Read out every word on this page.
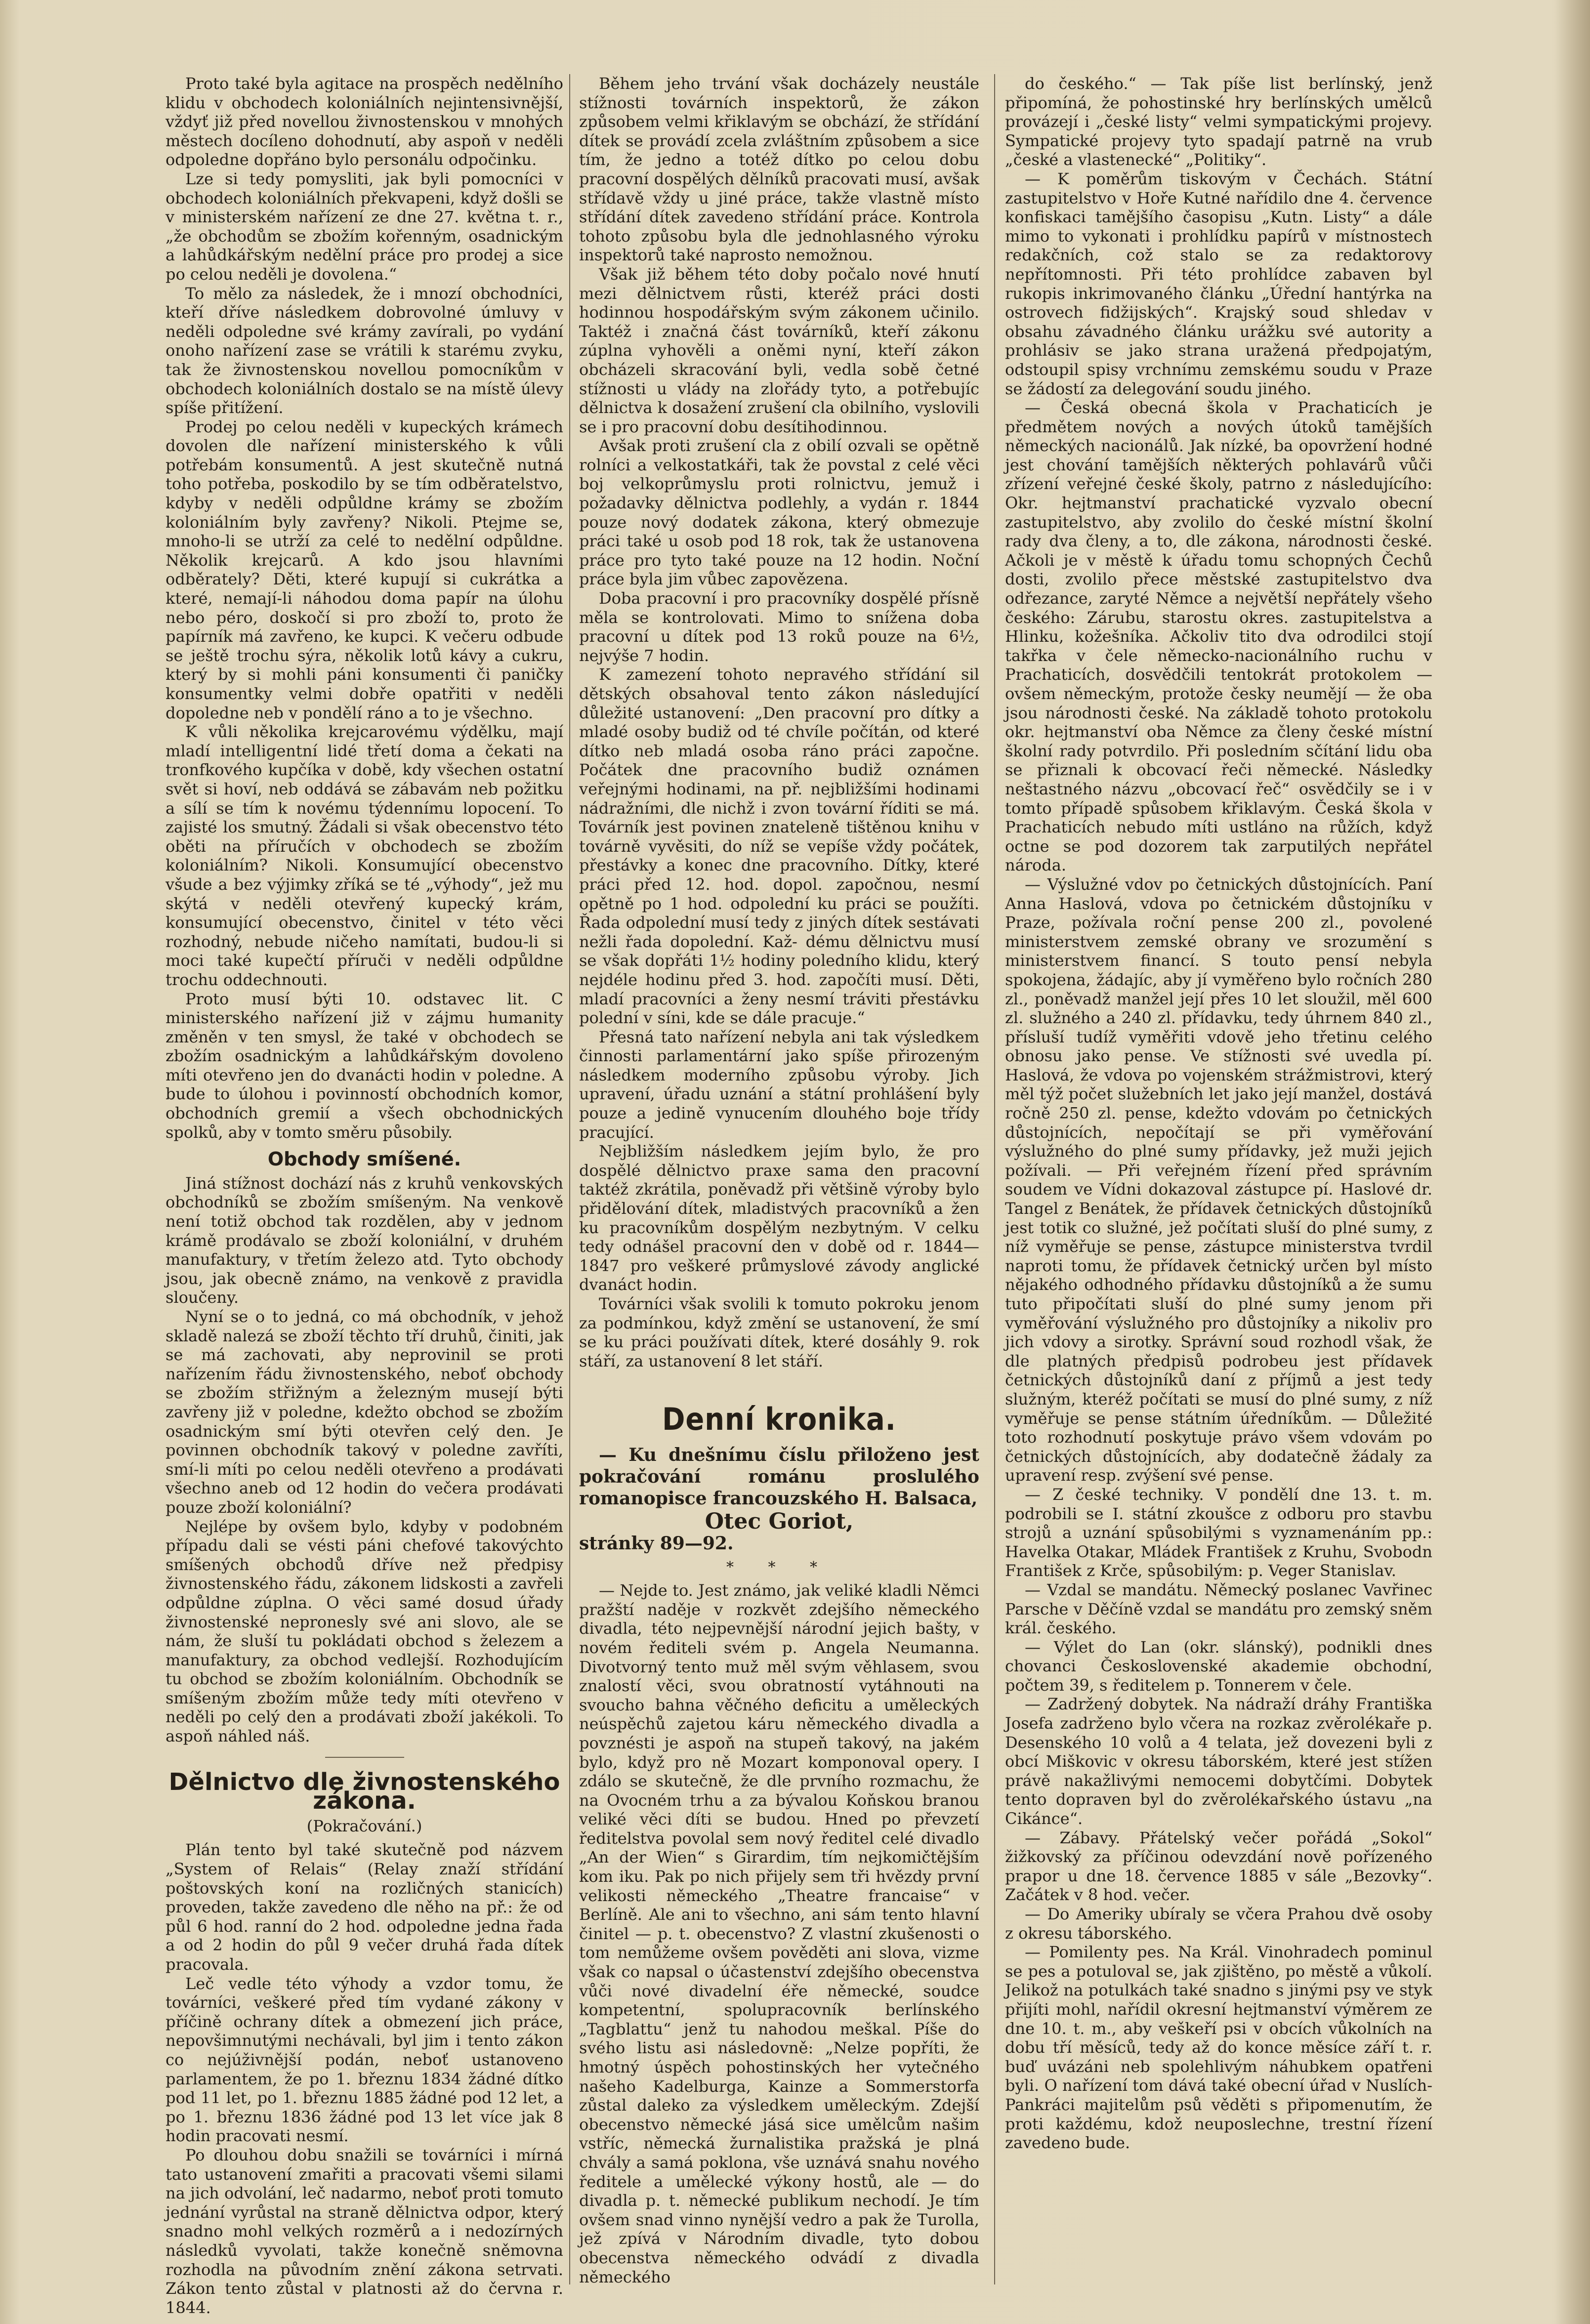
Proto také byla agitace na prospěch nedělního klidu v obchodech koloniálních nejintensivnější, vždyť již před novellou živnostenskou v mnohých městech docíleno dohodnutí, aby aspoň v neděli odpoledne dopřáno bylo personálu odpočinku.

Lze si tedy pomysliti, jak byli pomocníci v obchodech koloniálních překvapeni, když došli se v ministerském nařízení ze dne 27. května t. r., „že obchodům se zbožím kořenným, osadnickým a lahůdkářským nedělní práce pro prodej a sice po celou neděli je dovolena.“

To mělo za následek, že i mnozí obchodníci, kteří dříve následkem dobrovolné úmluvy v neděli odpoledne své krámy zavírali, po vydání onoho nařízení zase se vrátili k starému zvyku, tak že živnostenskou novellou pomocníkům v obchodech koloniálních dostalo se na místě úlevy spíše přitížení.

Prodej po celou neděli v kupeckých krámech dovolen dle nařízení ministerského k vůli potřebám konsumentů. A jest skutečně nutná toho potřeba, poskodilo by se tím odběratelstvo, kdyby v neděli odpůldne krámy se zbožím koloniálním byly zavřeny? Nikoli. Ptejme se, mnoho-li se utrží za celé to nedělní odpůldne. Několik krejcarů. A kdo jsou hlavními odběrately? Děti, které kupují si cukrátka a které, nemají-li náhodou doma papír na úlohu nebo péro, doskočí si pro zboží to, proto že papírník má zavřeno, ke kupci. K večeru odbude se ještě trochu sýra, několik lotů kávy a cukru, který by si mohli páni konsumenti či paničky konsumentky velmi dobře opatřiti v neděli dopoledne neb v pondělí ráno a to je všechno.

K vůli několika krejcarovému výdělku, mají mladí intelligentní lidé třetí doma a čekati na tronfkového kupčíka v době, kdy všechen ostatní svět si hoví, neb oddává se zábavám neb požitku a sílí se tím k novému týdennímu lopocení. To zajisté los smutný. Žádali si však obecenstvo této oběti na příručích v obchodech se zbožím koloniálním? Nikoli. Konsumující obecenstvo všude a bez výjimky zříká se té „výhody“, jež mu skýtá v neděli otevřený kupecký krám, konsumující obecenstvo, činitel v této věci rozhodný, nebude ničeho namítati, budou-li si moci také kupečtí příruči v neděli odpůldne trochu oddechnouti.

Proto musí býti 10. odstavec lit. C ministerského nařízení již v zájmu humanity změněn v ten smysl, že také v obchodech se zbožím osadnickým a lahůdkářským dovoleno míti otevřeno jen do dvanácti hodin v poledne. A bude to úlohou i povinností obchodních komor, obchodních gremií a všech obchodnických spolků, aby v tomto směru působily.

Obchody smíšené.

Jiná stížnost dochází nás z kruhů venkovských obchodníků se zbožím smíšeným. Na venkově není totiž obchod tak rozdělen, aby v jednom krámě prodávalo se zboží koloniální, v druhém manufaktury, v třetím železo atd. Tyto obchody jsou, jak obecně známo, na venkově z pravidla sloučeny.

Nyní se o to jedná, co má obchodník, v jehož skladě nalezá se zboží těchto tří druhů, činiti, jak se má zachovati, aby neprovinil se proti nařízením řádu živnostenského, neboť obchody se zbožím střižným a železným musejí býti zavřeny již v poledne, kdežto obchod se zbožím osadnickým smí býti otevřen celý den. Je povinnen obchodník takový v poledne zavříti, smí-li míti po celou neděli otevřeno a prodávati všechno aneb od 12 hodin do večera prodávati pouze zboží koloniální?

Nejlépe by ovšem bylo, kdyby v podobném případu dali se vésti páni chefové takovýchto smíšených obchodů dříve než předpisy živnostenského řádu, zákonem lidskosti a zavřeli odpůldne zúplna. O věci samé dosud úřady živnostenské nepronesly své ani slovo, ale se nám, že sluší tu pokládati obchod s železem a manufaktury, za obchod vedlejší. Rozhodujícím tu obchod se zbožím koloniálním. Obchodník se smíšeným zbožím může tedy míti otevřeno v neděli po celý den a prodávati zboží jakékoli. To aspoň náhled náš.

Dělnictvo dle živnostenského zákona.

(Pokračování.)

Plán tento byl také skutečně pod názvem „System of Relais“ (Relay znaží střídání poštovských koní na rozličných stanicích) proveden, takže zavedeno dle něho na př.: že od půl 6 hod. ranní do 2 hod. odpoledne jedna řada a od 2 hodin do půl 9 večer druhá řada dítek pracovala.

Leč vedle této výhody a vzdor tomu, že továrníci, veškeré před tím vydané zákony v příčině ochrany dítek a obmezení jich práce, nepovšimnutými nechávali, byl jim i tento zákon co nejúživnější podán, neboť ustanoveno parlamentem, že po 1. březnu 1834 žádné dítko pod 11 let, po 1. březnu 1885 žádné pod 12 let, a po 1. březnu 1836 žádné pod 13 let více jak 8 hodin pracovati nesmí.

Po dlouhou dobu snažili se továrníci i mírná tato ustanovení zmařiti a pracovati všemi silami na jich odvolání, leč nadarmo, neboť proti tomuto jednání vyrůstal na straně dělnictva odpor, který snadno mohl velkých rozměrů a i nedozírných následků vyvolati, takže konečně sněmovna rozhodla na původním znění zákona setrvati. Zákon tento zůstal v platnosti až do června r. 1844.

Během jeho trvání však docházely neustále stížnosti továrních inspektorů, že zákon způsobem velmi křiklavým se obchází, že střídání dítek se provádí zcela zvláštním způsobem a sice tím, že jedno a totéž dítko po celou dobu pracovní dospělých dělníků pracovati musí, avšak střídavě vždy u jiné práce, takže vlastně místo střídání dítek zavedeno střídání práce. Kontrola tohoto způsobu byla dle jednohlasného výroku inspektorů také naprosto nemožnou.

Však již během této doby počalo nové hnutí mezi dělnictvem růsti, kteréž práci dosti hodinnou hospodářským svým zákonem učinilo. Taktéž i značná část továrníků, kteří zákonu zúplna vyhověli a oněmi nyní, kteří zákon obcházeli skracování byli, vedla sobě četné stížnosti u vlády na zlořády tyto, a potřebujíc dělnictva k dosažení zrušení cla obilního, vyslovili se i pro pracovní dobu desítihodinnou.

Avšak proti zrušení cla z obilí ozvali se opětně rolníci a velkostatkáři, tak že povstal z celé věci boj velkoprůmyslu proti rolnictvu, jemuž i požadavky dělnictva podlehly, a vydán r. 1844 pouze nový dodatek zákona, který obmezuje práci také u osob pod 18 rok, tak že ustanovena práce pro tyto také pouze na 12 hodin. Noční práce byla jim vůbec zapovězena.

Doba pracovní i pro pracovníky dospělé přísně měla se kontrolovati. Mimo to snížena doba pracovní u dítek pod 13 roků pouze na 6½, nejvýše 7 hodin.

K zamezení tohoto nepravého střídání sil dětských obsahoval tento zákon následující důležité ustanovení: „Den pracovní pro dítky a mladé osoby budiž od té chvíle počítán, od které dítko neb mladá osoba ráno práci započne. Počátek dne pracovního budiž oznámen veřejnými hodinami, na př. nejbližšími hodinami nádražními, dle nichž i zvon tovární říditi se má. Továrník jest povinen znateleně tištěnou knihu v továrně vyvěsiti, do níž se vepíše vždy počátek, přestávky a konec dne pracovního. Dítky, které práci před 12. hod. dopol. započnou, nesmí opětně po 1 hod. odpolední ku práci se použíti. Řada odpolední musí tedy z jiných dítek sestávati nežli řada dopolední. Kaž- dému dělnictvu musí se však dopřáti 1½ hodiny poledního klidu, který nejdéle hodinu před 3. hod. započíti musí. Děti, mladí pracovníci a ženy nesmí tráviti přestávku polední v síni, kde se dále pracuje.“

Přesná tato nařízení nebyla ani tak výsledkem činnosti parlamentární jako spíše přirozeným následkem moderního způsobu výroby. Jich upravení, úřadu uznání a státní prohlášení byly pouze a jedině vynucením dlouhého boje třídy pracující.

Nejbližším následkem jejím bylo, že pro dospělé dělnictvo praxe sama den pracovní taktéž zkrátila, poněvadž při většině výroby bylo přidělování dítek, mladistvých pracovníků a žen ku pracovníkům dospělým nezbytným. V celku tedy odnášel pracovní den v době od r. 1844—1847 pro veškeré průmyslové závody anglické dvanáct hodin.

Továrníci však svolili k tomuto pokroku jenom za podmínkou, když změní se ustanovení, že smí se ku práci používati dítek, které dosáhly 9. rok stáří, za ustanovení 8 let stáří.

Denní kronika.

— Ku dnešnímu číslu přiloženo jest pokračování románu proslulého romanopisce francouzského H. Balsaca,

Otec Goriot,

stránky 89—92.

* * *

— Nejde to. Jest známo, jak veliké kladli Němci pražští naděje v rozkvět zdejšího německého divadla, této nejpevnější národní jejich bašty, v novém řediteli svém p. Angela Neumanna. Divotvorný tento muž měl svým věhlasem, svou znalostí věci, svou obratností vytáhnouti na svoucho bahna věčného deficitu a uměleckých neúspěchů zajetou káru německého divadla a povznésti je aspoň na stupeň takový, na jakém bylo, když pro ně Mozart komponoval opery. I zdálo se skutečně, že dle prvního rozmachu, že na Ovocném trhu a za bývalou Koňskou branou veliké věci díti se budou. Hned po převzetí ředitelstva povolal sem nový ředitel celé divadlo „An der Wien“ s Girardim, tím nejkomičtějším kom iku. Pak po nich přijely sem tři hvězdy první velikosti německého „Theatre francaise“ v Berlíně. Ale ani to všechno, ani sám tento hlavní činitel — p. t. obecenstvo? Z vlastní zkušenosti o tom nemůžeme ovšem pověděti ani slova, vizme však co napsal o účastenství zdejšího obecenstva vůči nové divadelní éře německé, soudce kompetentní, spolupracovník berlínského „Tagblattu“ jenž tu nahodou meškal. Píše do svého listu asi následovně: „Nelze popříti, že hmotný úspěch pohostinských her vytečného našeho Kadelburga, Kainze a Sommerstorfa zůstal daleko za výsledkem uměleckým. Zdejší obecenstvo německé jásá sice umělcům našim vstříc, německá žurnalistika pražská je plná chvály a samá poklona, vše uznává snahu nového ředitele a umělecké výkony hostů, ale — do divadla p. t. německé publikum nechodí. Je tím ovšem snad vinno nynější vedro a pak že Turolla, jež zpívá v Národním divadle, tyto dobou obecenstva německého odvádí z divadla německého

do českého.“ — Tak píše list berlínský, jenž připomíná, že pohostinské hry berlínských umělců provázejí i „české listy“ velmi sympatickými projevy. Sympatické projevy tyto spadají patrně na vrub „české a vlastenecké“ „Politiky“.

— K poměrům tiskovým v Čechách. Státní zastupitelstvo v Hoře Kutné nařídilo dne 4. července konfiskaci tamějšího časopisu „Kutn. Listy“ a dále mimo to vykonati i prohlídku papírů v místnostech redakčních, což stalo se za redaktorovy nepřítomnosti. Při této prohlídce zabaven byl rukopis inkrimovaného článku „Úřední hantýrka na ostrovech fidžijských“. Krajský soud shledav v obsahu závadného článku urážku své autority a prohlásiv se jako strana uražená předpojatým, odstoupil spisy vrchnímu zemskému soudu v Praze se žádostí za delegování soudu jiného.

— Česká obecná škola v Prachaticích je předmětem nových a nových útoků tamějších německých nacionálů. Jak nízké, ba opovržení hodné jest chování tamějších některých pohlavárů vůči zřízení veřejné české školy, patrno z následujícího: Okr. hejtmanství prachatické vyzvalo obecní zastupitelstvo, aby zvolilo do české místní školní rady dva členy, a to, dle zákona, národnosti české. Ačkoli je v městě k úřadu tomu schopných Čechů dosti, zvolilo přece městské zastupitelstvo dva odřezance, zaryté Němce a největší nepřátely všeho českého: Zárubu, starostu okres. zastupitelstva a Hlinku, kožešníka. Ačkoliv tito dva odrodilci stojí takřka v čele německo-nacionálního ruchu v Prachaticích, dosvědčili tentokrát protokolem — ovšem německým, protože česky neumějí — že oba jsou národnosti české. Na základě tohoto protokolu okr. hejtmanství oba Němce za členy české místní školní rady potvrdilo. Při posledním sčítání lidu oba se přiznali k obcovací řeči německé. Následky neštastného názvu „obcovací řeč“ osvědčily se i v tomto případě spůsobem křiklavým. Česká škola v Prachaticích nebudo míti ustláno na růžích, když octne se pod dozorem tak zarputilých nepřátel národa.

— Výslužné vdov po četnických důstojnících. Paní Anna Haslová, vdova po četnickém důstojníku v Praze, požívala roční pense 200 zl., povolené ministerstvem zemské obrany ve srozumění s ministerstvem financí. S touto pensí nebyla spokojena, žádajíc, aby jí vyměřeno bylo ročních 280 zl., poněvadž manžel její přes 10 let sloužil, měl 600 zl. služného a 240 zl. přídavku, tedy úhrnem 840 zl., přísluší tudíž vyměřiti vdově jeho třetinu celého obnosu jako pense. Ve stížnosti své uvedla pí. Haslová, že vdova po vojenském strážmistrovi, který měl týž počet služebních let jako její manžel, dostává ročně 250 zl. pense, kdežto vdovám po četnických důstojnících, nepočítají se při vyměřování výslužného do plné sumy přídavky, jež muži jejich požívali. — Při veřejném řízení před správním soudem ve Vídni dokazoval zástupce pí. Haslové dr. Tangel z Benátek, že přídavek četnických důstojníků jest totik co služné, jež počítati sluší do plné sumy, z níž vyměřuje se pense, zástupce ministerstva tvrdil naproti tomu, že přídavek četnický určen byl místo nějakého odhodného přídavku důstojníků a že sumu tuto připočítati sluší do plné sumy jenom při vyměřování výslužného pro důstojníky a nikoliv pro jich vdovy a sirotky. Správní soud rozhodl však, že dle platných předpisů podrobeu jest přídavek četnických důstojníků daní z příjmů a jest tedy služným, kteréž počítati se musí do plné sumy, z níž vyměřuje se pense státním úředníkům. — Důležité toto rozhodnutí poskytuje právo všem vdovám po četnických důstojnících, aby dodatečně žádaly za upravení resp. zvýšení své pense.

— Z české techniky. V pondělí dne 13. t. m. podrobili se I. státní zkoušce z odboru pro stavbu strojů a uznání spůsobilými s vyznamenáním pp.: Havelka Otakar, Mládek František z Kruhu, Svobodn František z Krče, spůsobilým: p. Veger Stanislav.

— Vzdal se mandátu. Německý poslanec Vavřinec Parsche v Děčíně vzdal se mandátu pro zemský sněm král. českého.

— Výlet do Lan (okr. slánský), podnikli dnes chovanci Československé akademie obchodní, počtem 39, s ředitelem p. Tonnerem v čele.

— Zadržený dobytek. Na nádraží dráhy Františka Josefa zadrženo bylo včera na rozkaz zvěrolékaře p. Desenského 10 volů a 4 telata, jež dovezeni byli z obcí Miškovic v okresu táborském, které jest stížen právě nakažlivými nemocemi dobytčími. Dobytek tento dopraven byl do zvěrolékařského ústavu „na Cikánce“.

— Zábavy. Přátelský večer pořádá „Sokol“ žižkovský za příčinou odevzdání nově pořízeného prapor u dne 18. července 1885 v sále „Bezovky“. Začátek v 8 hod. večer.

— Do Ameriky ubíraly se včera Prahou dvě osoby z okresu táborského.

— Pomilenty pes. Na Král. Vinohradech pominul se pes a potuloval se, jak zjištěno, po městě a vůkolí. Jelikož na potulkách také snadno s jinými psy ve styk přijíti mohl, nařídil okresní hejtmanství výměrem ze dne 10. t. m., aby veškeří psi v obcích vůkolních na dobu tří měsíců, tedy až do konce měsíce září t. r. buď uvázáni neb spolehlivým náhubkem opatřeni byli. O nařízení tom dává také obecní úřad v Nuslích-Pankráci majitelům psů věděti s připomenutím, že proti každému, kdož neuposlechne, trestní řízení zavedeno bude.
